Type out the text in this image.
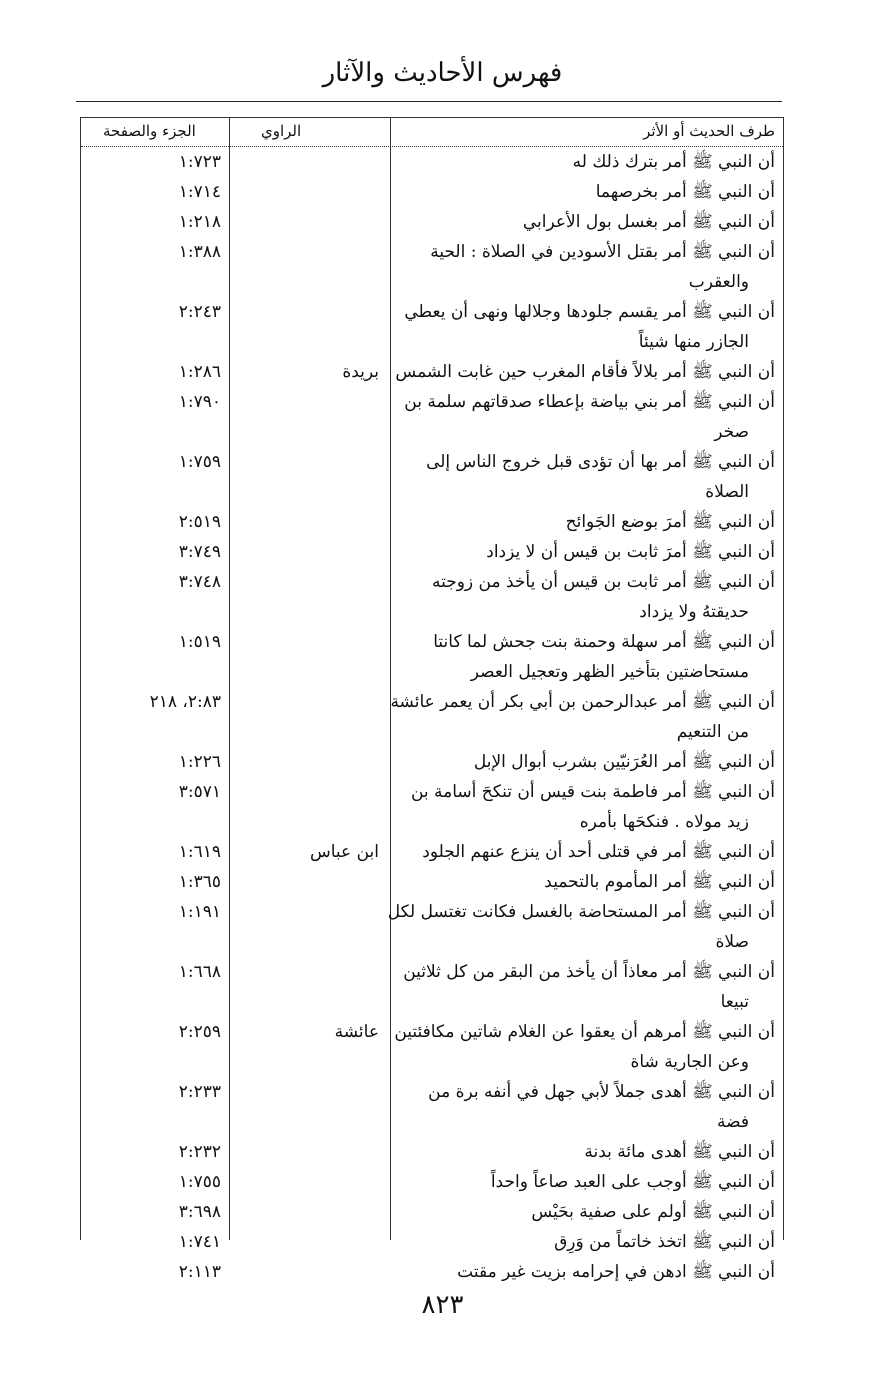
فهرس الأحاديث والآثار
طرف الحديث أو الأثر
الراوي
الجزء والصفحة
أن النبي ﷺ أمر بترك ذلك له
١:٧٢٣
أن النبي ﷺ أمر بخرصهما
١:٧١٤
أن النبي ﷺ أمر بغسل بول الأعرابي
١:٢١٨
أن النبي ﷺ أمر بقتل الأسودين في الصلاة : الحية
والعقرب
١:٣٨٨
أن النبي ﷺ أمر يقسم جلودها وجلالها ونهى أن يعطي
الجازر منها شيئاً
٢:٢٤٣
أن النبي ﷺ أمر بلالاً فأقام المغرب حين غابت الشمس
بريدة
١:٢٨٦
أن النبي ﷺ أمر بني بياضة بإعطاء صدقاتهم سلمة بن
صخر
١:٧٩٠
أن النبي ﷺ أمر بها أن تؤدى قبل خروج الناس إلى
الصلاة
١:٧٥٩
أن النبي ﷺ أمرَ بوضع الجَوائح
٢:٥١٩
أن النبي ﷺ أمرَ ثابت بن قيس أن لا يزداد
٣:٧٤٩
أن النبي ﷺ أمر ثابت بن قيس أن يأخذ من زوجته
حديقتهُ ولا يزداد
٣:٧٤٨
أن النبي ﷺ أمر سهلة وحمنة بنت جحش لما كانتا
مستحاضتين بتأخير الظهر وتعجيل العصر
١:٥١٩
أن النبي ﷺ أمر عبدالرحمن بن أبي بكر أن يعمر عائشة
من التنعيم
٢:٨٣، ٢١٨
أن النبي ﷺ أمر العُرَنيّين بشرب أبوال الإبل
١:٢٢٦
أن النبي ﷺ أمر فاطمة بنت قيس أن تنكحَ أسامة بن
زيد مولاه . فنكحَها بأمره
٣:٥٧١
أن النبي ﷺ أمر في قتلى أحد أن ينزع عنهم الجلود
ابن عباس
١:٦١٩
أن النبي ﷺ أمر المأموم بالتحميد
١:٣٦٥
أن النبي ﷺ أمر المستحاضة بالغسل فكانت تغتسل لكل
صلاة
١:١٩١
أن النبي ﷺ أمر معاذاً أن يأخذ من البقر من كل ثلاثين
تبيعا
١:٦٦٨
أن النبي ﷺ أمرهم أن يعقوا عن الغلام شاتين مكافئتين
وعن الجارية شاة
عائشة
٢:٢٥٩
أن النبي ﷺ أهدى جملاً لأبي جهل في أنفه برة من
فضة
٢:٢٣٣
أن النبي ﷺ أهدى مائة بدنة
٢:٢٣٢
أن النبي ﷺ أوجب على العبد صاعاً واحداً
١:٧٥٥
أن النبي ﷺ أولم على صفية بحَيْس
٣:٦٩٨
أن النبي ﷺ اتخذ خاتماً من وَرِق
١:٧٤١
أن النبي ﷺ ادهن في إحرامه بزيت غير مقتت
٢:١١٣
٨٢٣
